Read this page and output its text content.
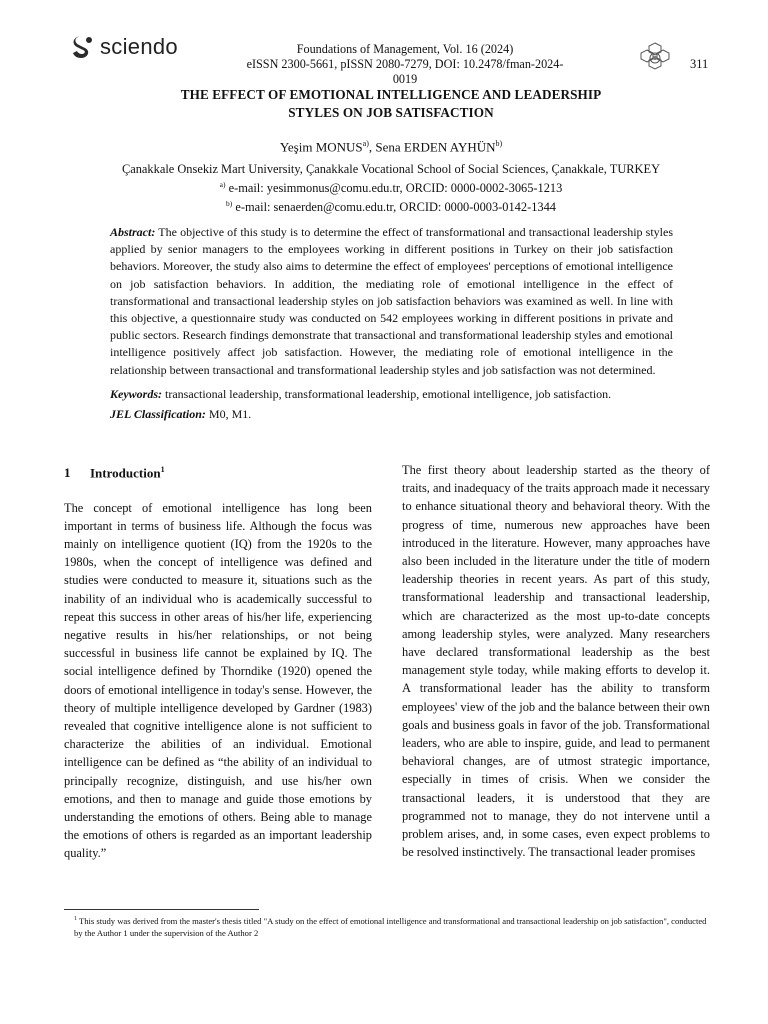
sciendo	Foundations of Management, Vol. 16 (2024)
eISSN 2300-5661, pISSN 2080-7279, DOI: 10.2478/fman-2024-0019
311
THE EFFECT OF EMOTIONAL INTELLIGENCE AND LEADERSHIP
STYLES ON JOB SATISFACTION
Yeşim MONUS$^{a)}$, Sena ERDEN AYHÜN$^{b)}$
Çanakkale Onsekiz Mart University, Çanakkale Vocational School of Social Sciences, Çanakkale, TURKEY
$^{a)}$ e-mail: yesimmonus@comu.edu.tr, ORCID: 0000-0002-3065-1213
$^{b)}$ e-mail: senaerden@comu.edu.tr, ORCID: 0000-0003-0142-1344

Abstract: The objective of this study is to determine the effect of transformational and transactional leadership styles applied by senior managers to the employees working in different positions in Turkey on their job satisfaction behaviors. Moreover, the study also aims to determine the effect of employees' perceptions of emotional intelligence on job satisfaction behaviors. In addition, the mediating role of emotional intelligence in the effect of transformational and transactional leadership styles on job satisfaction behaviors was examined as well. In line with this objective, a questionnaire study was conducted on 542 employees working in different positions in private and public sectors. Research findings demonstrate that transactional and transformational leadership styles and emotional intelligence positively affect job satisfaction. However, the mediating role of emotional intelligence in the relationship between transactional and transformational leadership styles and job satisfaction was not determined.

Keywords: transactional leadership, transformational leadership, emotional intelligence, job satisfaction.

JEL Classification: M0, M1.

1 Introduction$^1$

The concept of emotional intelligence has long been important in terms of business life. Although the focus was mainly on intelligence quotient (IQ) from the 1920s to the 1980s, when the concept of intelligence was defined and studies were conducted to measure it, situations such as the inability of an individual who is academically successful to repeat this success in other areas of his/her life, experiencing negative results in his/her relationships, or not being successful in business life cannot be explained by IQ. The social intelligence defined by Thorndike (1920) opened the doors of emotional intelligence in today's sense. However, the theory of multiple intelligence developed by Gardner (1983) revealed that cognitive intelligence alone is not sufficient to characterize the abilities of an individual. Emotional intelligence can be defined as “the ability of an individual to principally recognize, distinguish, and use his/her own emotions, and then to manage and guide those emotions by understanding the emotions of others. Being able to manage the emotions of others is regarded as an important leadership quality.”

The first theory about leadership started as the theory of traits, and inadequacy of the traits approach made it necessary to enhance situational theory and behavioral theory. With the progress of time, numerous new approaches have been introduced in the literature. However, many approaches have also been included in the literature under the title of modern leadership theories in recent years. As part of this study, transformational leadership and transactional leadership, which are characterized as the most up-to-date concepts among leadership styles, were analyzed. Many researchers have declared transformational leadership as the best management style today, while making efforts to develop it. A transformational leader has the ability to transform employees' view of the job and the balance between their own goals and business goals in favor of the job. Transformational leaders, who are able to inspire, guide, and lead to permanent behavioral changes, are of utmost strategic importance, especially in times of crisis. When we consider the transactional leaders, it is understood that they are programmed not to manage, they do not intervene until a problem arises, and, in some cases, even expect problems to be resolved instinctively. The transactional leader promises

$^1$ This study was derived from the master's thesis titled "A study on the effect of emotional intelligence and transformational and transactional leadership on job satisfaction", conducted by the Author 1 under the supervision of the Author 2
